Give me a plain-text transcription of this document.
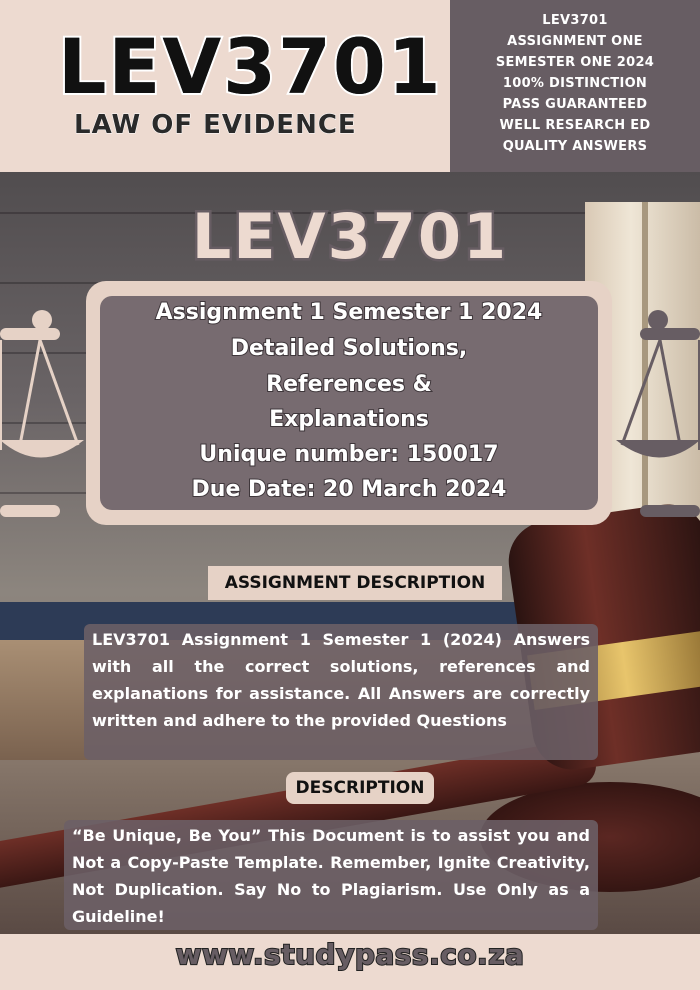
LEV3701
LAW OF EVIDENCE
LEV3701
ASSIGNMENT ONE
SEMESTER ONE 2024
100% DISTINCTION
PASS GUARANTEED
WELL RESEARCH ED
QUALITY ANSWERS
LEV3701
Assignment 1 Semester 1 2024
Detailed Solutions,
References &
Explanations
Unique number: 150017
Due Date: 20 March 2024
ASSIGNMENT DESCRIPTION
LEV3701 Assignment 1 Semester 1 (2024) Answers with all the correct solutions, references and explanations for assistance. All Answers are correctly written and adhere to the provided Questions
DESCRIPTION
“Be Unique, Be You” This Document is to assist you and Not a Copy-Paste Template. Remember, Ignite Creativity, Not Duplication. Say No to Plagiarism. Use Only as a Guideline!
www.studypass.co.za
